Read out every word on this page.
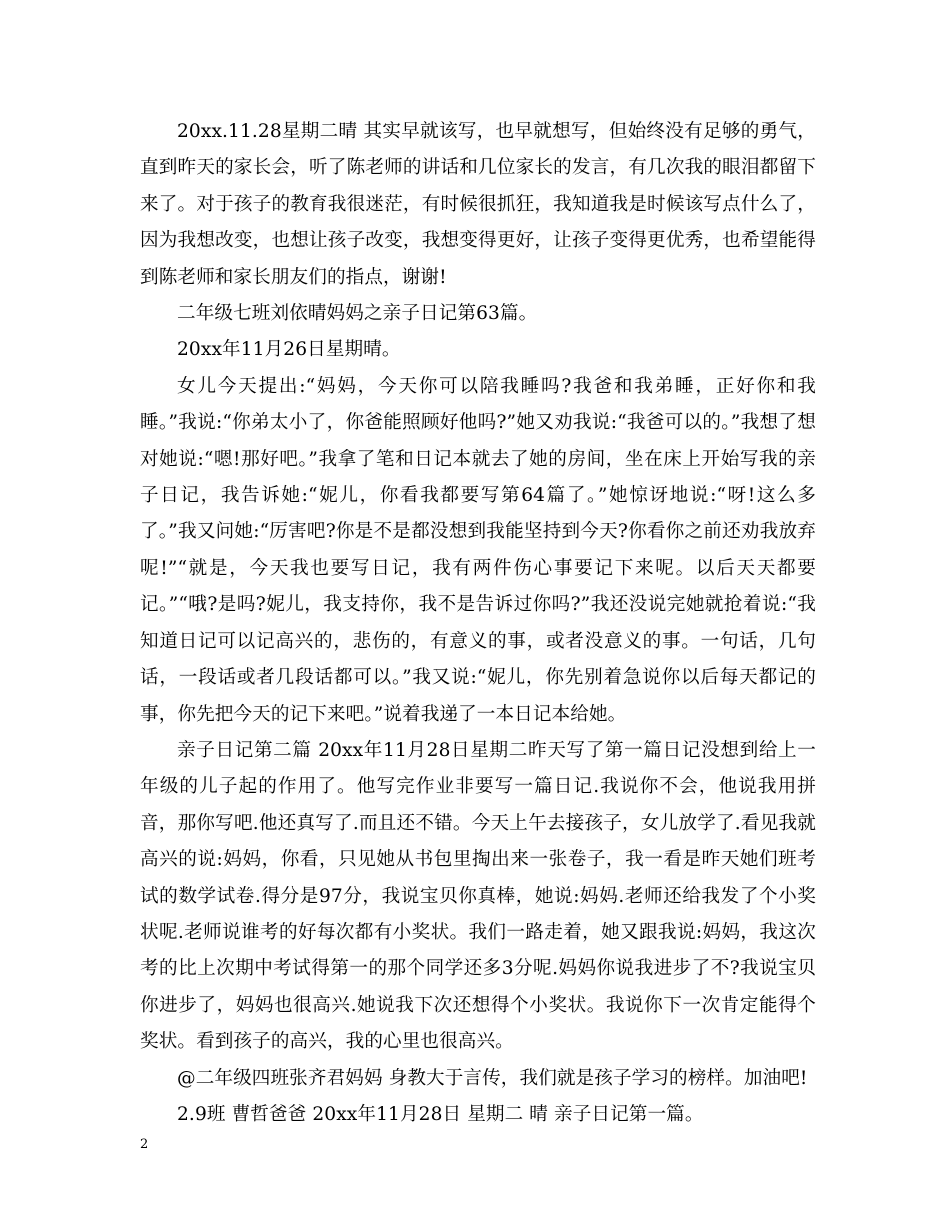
20xx.11.28星期二晴 其实早就该写，也早就想写，但始终没有足够的勇气，直到昨天的家长会，听了陈老师的讲话和几位家长的发言，有几次我的眼泪都留下来了。对于孩子的教育我很迷茫，有时候很抓狂，我知道我是时候该写点什么了，因为我想改变，也想让孩子改变，我想变得更好，让孩子变得更优秀，也希望能得到陈老师和家长朋友们的指点，谢谢!

二年级七班刘依晴妈妈之亲子日记第63篇。

20xx年11月26日星期晴。

女儿今天提出:“妈妈，今天你可以陪我睡吗?我爸和我弟睡，正好你和我睡。”我说:“你弟太小了，你爸能照顾好他吗?”她又劝我说:“我爸可以的。”我想了想对她说:“嗯!那好吧。”我拿了笔和日记本就去了她的房间，坐在床上开始写我的亲子日记，我告诉她:“妮儿，你看我都要写第64篇了。”她惊讶地说:“呀!这么多了。”我又问她:“厉害吧?你是不是都没想到我能坚持到今天?你看你之前还劝我放弃呢!”“就是，今天我也要写日记，我有两件伤心事要记下来呢。以后天天都要记。”“哦?是吗?妮儿，我支持你，我不是告诉过你吗?”我还没说完她就抢着说:“我知道日记可以记高兴的，悲伤的，有意义的事，或者没意义的事。一句话，几句话，一段话或者几段话都可以。”我又说:“妮儿，你先别着急说你以后每天都记的事，你先把今天的记下来吧。”说着我递了一本日记本给她。

亲子日记第二篇 20xx年11月28日星期二昨天写了第一篇日记没想到给上一年级的儿子起的作用了。他写完作业非要写一篇日记.我说你不会，他说我用拼音，那你写吧.他还真写了.而且还不错。今天上午去接孩子，女儿放学了.看见我就高兴的说:妈妈，你看，只见她从书包里掏出来一张卷子，我一看是昨天她们班考试的数学试卷.得分是97分，我说宝贝你真棒，她说:妈妈.老师还给我发了个小奖状呢.老师说谁考的好每次都有小奖状。我们一路走着，她又跟我说:妈妈，我这次考的比上次期中考试得第一的那个同学还多3分呢.妈妈你说我进步了不?我说宝贝你进步了，妈妈也很高兴.她说我下次还想得个小奖状。我说你下一次肯定能得个奖状。看到孩子的高兴，我的心里也很高兴。

@二年级四班张齐君妈妈 身教大于言传，我们就是孩子学习的榜样。加油吧!

2.9班 曹哲爸爸 20xx年11月28日 星期二 晴 亲子日记第一篇。

2
